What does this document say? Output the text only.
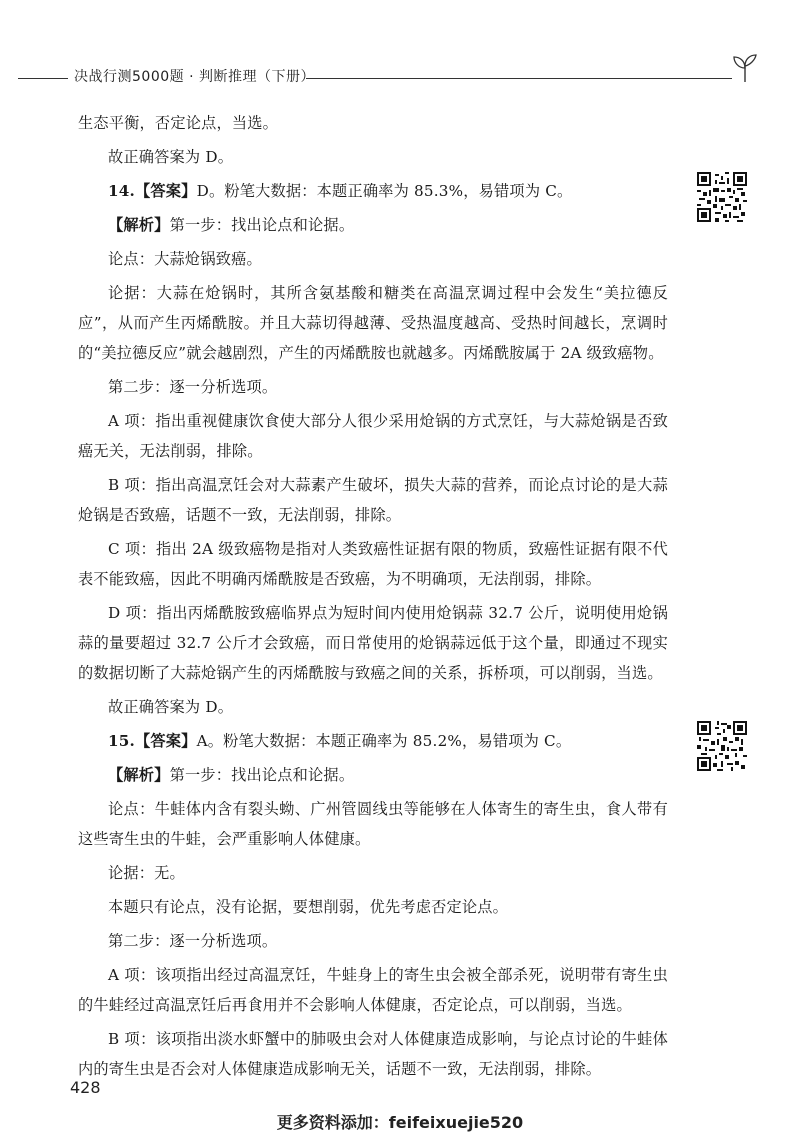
决战行测5000题 · 判断推理（下册）

生态平衡，否定论点，当选。

故正确答案为 D。

14.【答案】D。粉笔大数据：本题正确率为 85.3%，易错项为 C。

【解析】第一步：找出论点和论据。

论点：大蒜炝锅致癌。

论据：大蒜在炝锅时，其所含氨基酸和糖类在高温烹调过程中会发生“美拉德反应”，从而产生丙烯酰胺。并且大蒜切得越薄、受热温度越高、受热时间越长，烹调时的“美拉德反应”就会越剧烈，产生的丙烯酰胺也就越多。丙烯酰胺属于 2A 级致癌物。

第二步：逐一分析选项。

A 项：指出重视健康饮食使大部分人很少采用炝锅的方式烹饪，与大蒜炝锅是否致癌无关，无法削弱，排除。

B 项：指出高温烹饪会对大蒜素产生破坏，损失大蒜的营养，而论点讨论的是大蒜炝锅是否致癌，话题不一致，无法削弱，排除。

C 项：指出 2A 级致癌物是指对人类致癌性证据有限的物质，致癌性证据有限不代表不能致癌，因此不明确丙烯酰胺是否致癌，为不明确项，无法削弱，排除。

D 项：指出丙烯酰胺致癌临界点为短时间内使用炝锅蒜 32.7 公斤，说明使用炝锅蒜的量要超过 32.7 公斤才会致癌，而日常使用的炝锅蒜远低于这个量，即通过不现实的数据切断了大蒜炝锅产生的丙烯酰胺与致癌之间的关系，拆桥项，可以削弱，当选。

故正确答案为 D。

15.【答案】A。粉笔大数据：本题正确率为 85.2%，易错项为 C。

【解析】第一步：找出论点和论据。

论点：牛蛙体内含有裂头蚴、广州管圆线虫等能够在人体寄生的寄生虫，食人带有这些寄生虫的牛蛙，会严重影响人体健康。

论据：无。

本题只有论点，没有论据，要想削弱，优先考虑否定论点。

第二步：逐一分析选项。

A 项：该项指出经过高温烹饪，牛蛙身上的寄生虫会被全部杀死，说明带有寄生虫的牛蛙经过高温烹饪后再食用并不会影响人体健康，否定论点，可以削弱，当选。

B 项：该项指出淡水虾蟹中的肺吸虫会对人体健康造成影响，与论点讨论的牛蛙体内的寄生虫是否会对人体健康造成影响无关，话题不一致，无法削弱，排除。

428
更多资料添加：feifeixuejie520
